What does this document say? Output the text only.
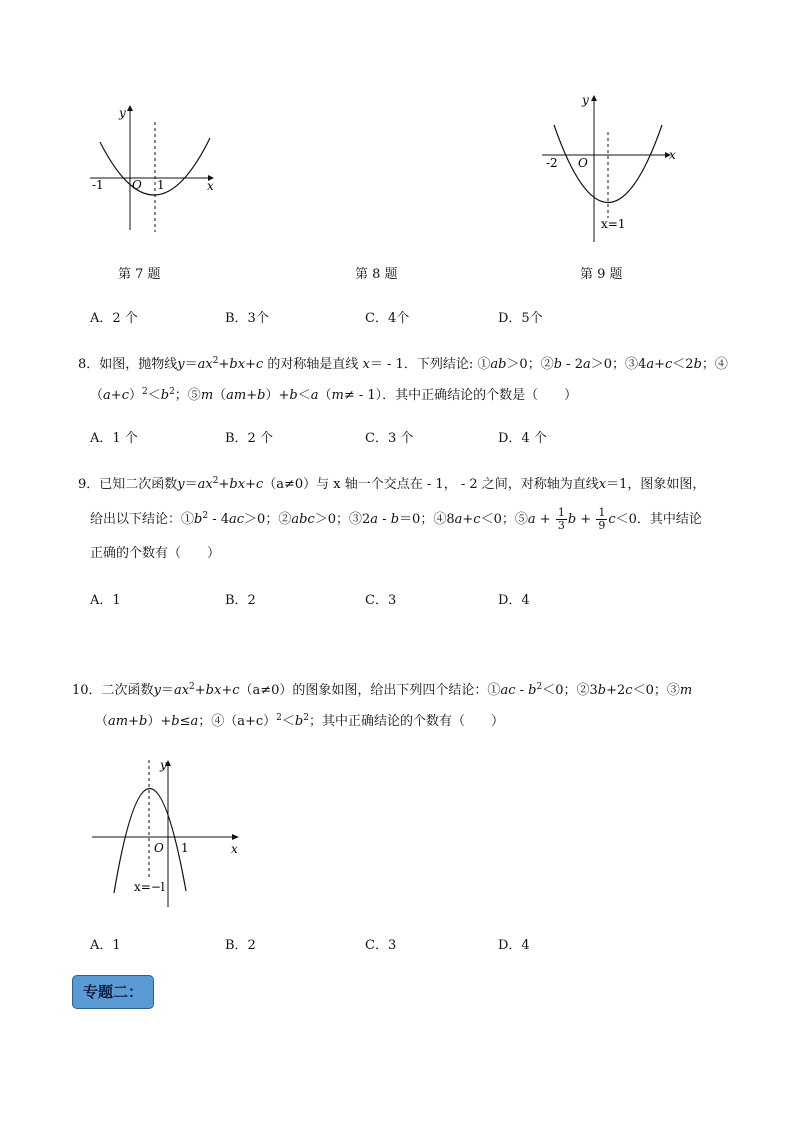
y
x
O
-1	1
第 7 题	第 8 题
y
x
O
-2
x=1
第 9 题
A．2 个	B．3个	C．4个	D．5个
8．如图，抛物线$y=ax^2+bx+c$ 的对称轴是直线 x＝ - 1．下列结论: ①ab＞0；②b - 2a＞0；③4a+c＜2b；④
$(a+c)^2<b^2$；⑤m（am+b）+b＜a（m≠ - 1）．其中正确结论的个数是（　　）
A．1 个	B．2 个	C．3 个	D．4 个
9．已知二次函数$y=ax^2+bx+c(a\ne 0)$与 x 轴一个交点在 - 1， - 2 之间，对称轴为直线x＝1，图象如图，
给出以下结论：$①b^2 - 4ac>0$；②abc＞0；③2a - b＝0；④8a+c＜0；⑤a + $\frac{1}{3}$ $b + \frac{1}{9} c<0$．其中结论
正确的个数有（　　）
A．1	B．2	C．3	D．4
10．二次函数$y=ax^2+bx+c(a\ne 0)$的图象如图，给出下列四个结论：①ac - $b^2<0$；②3b+2c＜0；③m
（am+b）+b≤a；$④(a+c)^2<b^2$；其中正确结论的个数有（　　）
y
x
O 1
x=−l
A．1	B．2	C．3	D．4
专题二：
